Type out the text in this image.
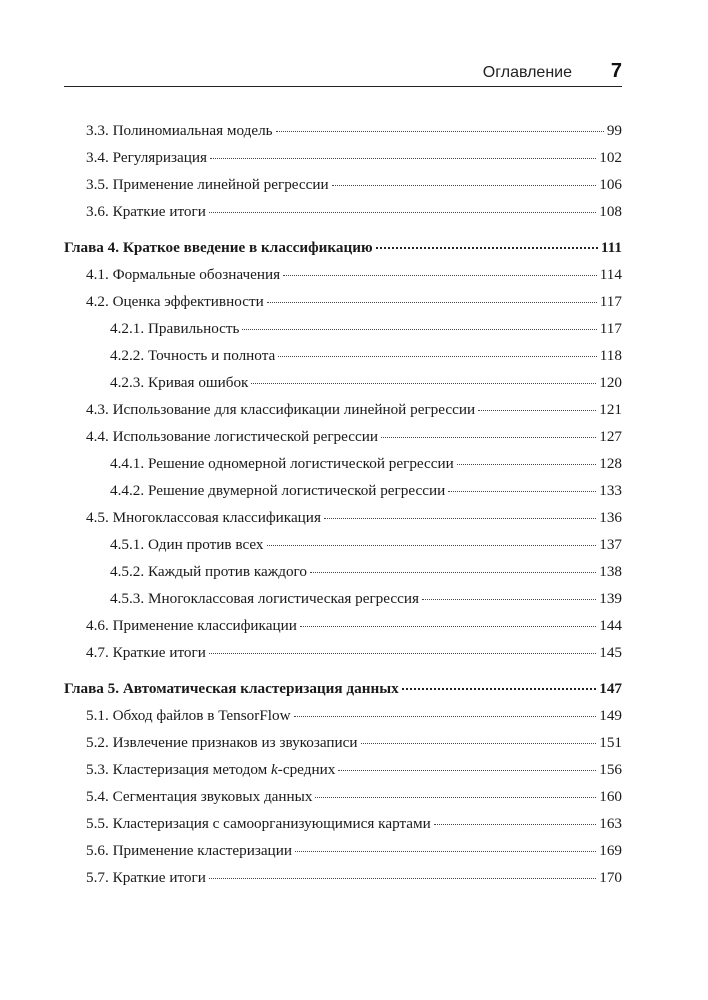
Оглавление 7
3.3. Полиномиальная модель	99
3.4. Регуляризация	102
3.5. Применение линейной регрессии	106
3.6. Краткие итоги	108
Глава 4. Краткое введение в классификацию	111
4.1. Формальные обозначения	114
4.2. Оценка эффективности	117
4.2.1. Правильность	117
4.2.2. Точность и полнота	118
4.2.3. Кривая ошибок	120
4.3. Использование для классификации линейной регрессии	121
4.4. Использование логистической регрессии	127
4.4.1. Решение одномерной логистической регрессии	128
4.4.2. Решение двумерной логистической регрессии	133
4.5. Многоклассовая классификация	136
4.5.1. Один против всех	137
4.5.2. Каждый против каждого	138
4.5.3. Многоклассовая логистическая регрессия	139
4.6. Применение классификации	144
4.7. Краткие итоги	145
Глава 5. Автоматическая кластеризация данных	147
5.1. Обход файлов в TensorFlow	149
5.2. Извлечение признаков из звукозаписи	151
5.3. Кластеризация методом k-средних	156
5.4. Сегментация звуковых данных	160
5.5. Кластеризация с самоорганизующимися картами	163
5.6. Применение кластеризации	169
5.7. Краткие итоги	170
